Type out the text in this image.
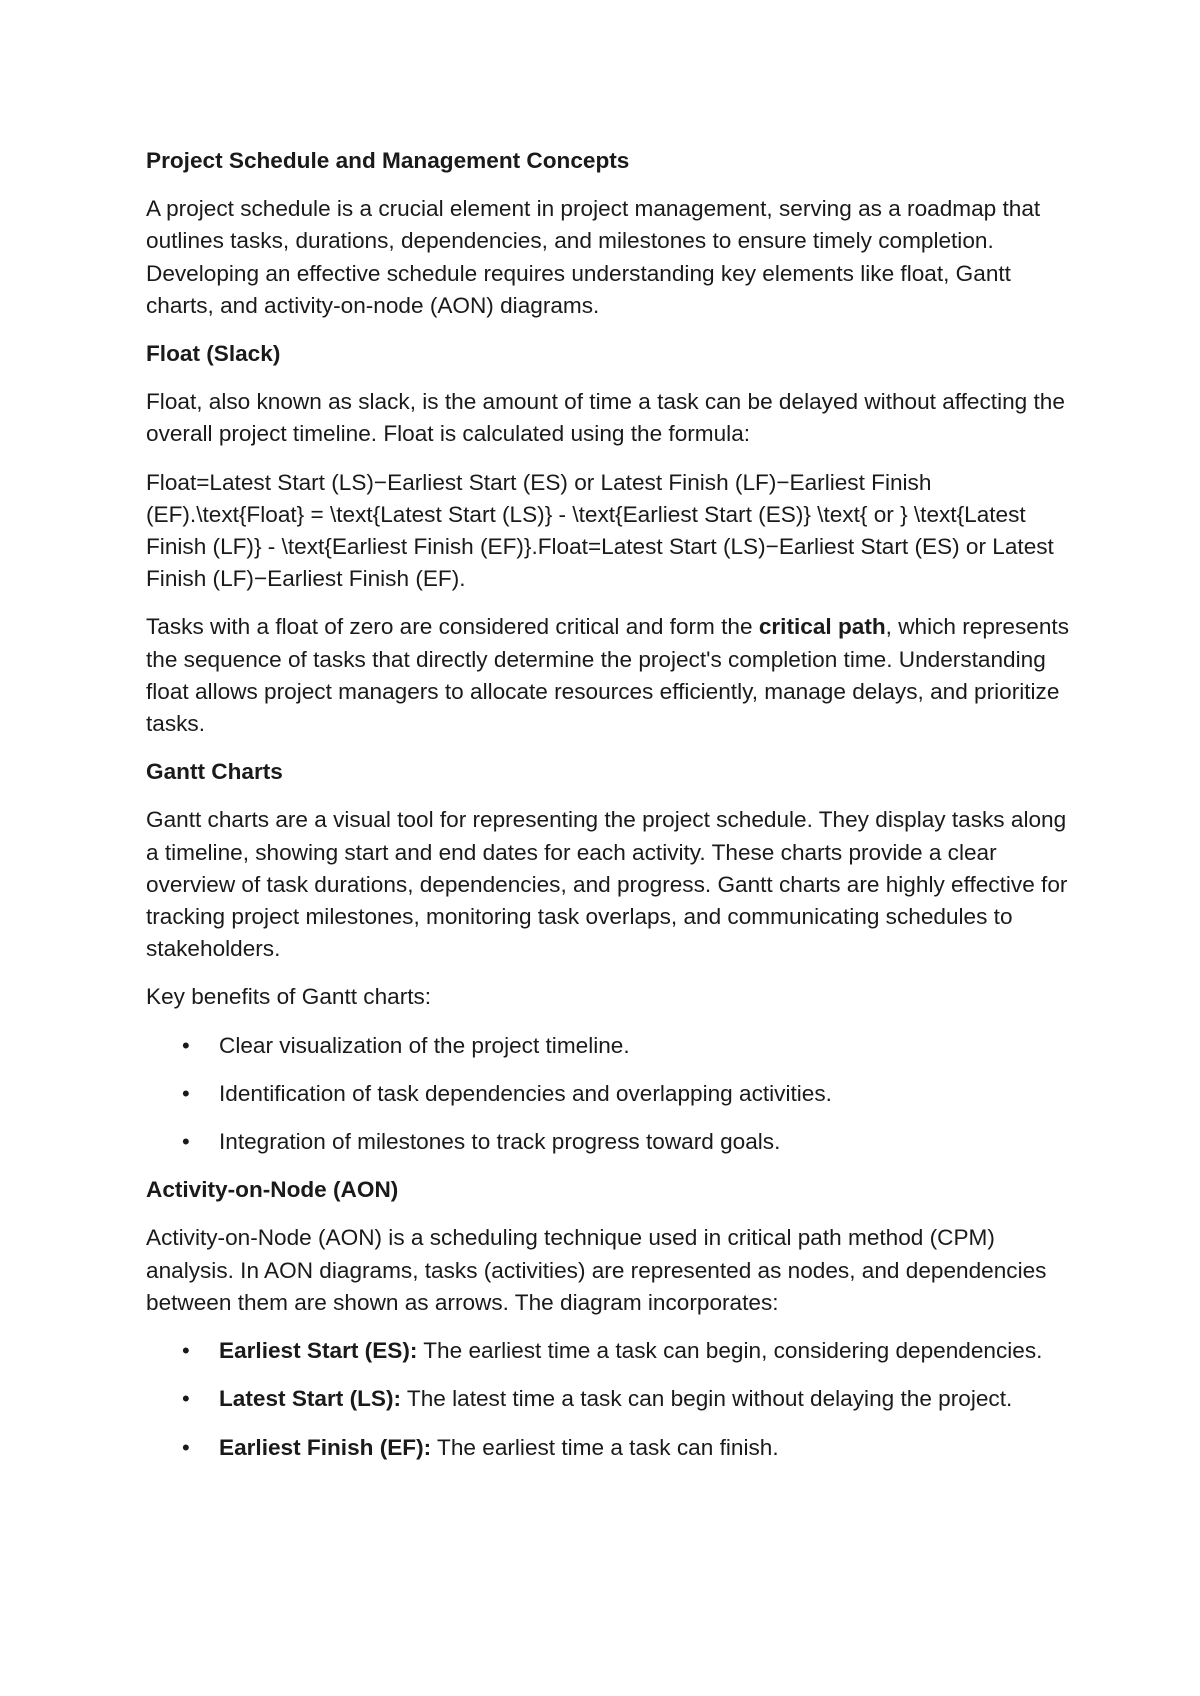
Project Schedule and Management Concepts

A project schedule is a crucial element in project management, serving as a roadmap that outlines tasks, durations, dependencies, and milestones to ensure timely completion. Developing an effective schedule requires understanding key elements like float, Gantt charts, and activity-on-node (AON) diagrams.

Float (Slack)

Float, also known as slack, is the amount of time a task can be delayed without affecting the overall project timeline. Float is calculated using the formula:

Float=Latest Start (LS)−Earliest Start (ES) or Latest Finish (LF)−Earliest Finish (EF).\text{Float} = \text{Latest Start (LS)} - \text{Earliest Start (ES)} \text{ or } \text{Latest Finish (LF)} - \text{Earliest Finish (EF)}.Float=Latest Start (LS)−Earliest Start (ES) or Latest Finish (LF)−Earliest Finish (EF).

Tasks with a float of zero are considered critical and form the critical path, which represents the sequence of tasks that directly determine the project's completion time. Understanding float allows project managers to allocate resources efficiently, manage delays, and prioritize tasks.

Gantt Charts

Gantt charts are a visual tool for representing the project schedule. They display tasks along a timeline, showing start and end dates for each activity. These charts provide a clear overview of task durations, dependencies, and progress. Gantt charts are highly effective for tracking project milestones, monitoring task overlaps, and communicating schedules to stakeholders.

Key benefits of Gantt charts:

• Clear visualization of the project timeline.
• Identification of task dependencies and overlapping activities.
• Integration of milestones to track progress toward goals.
Activity-on-Node (AON)

Activity-on-Node (AON) is a scheduling technique used in critical path method (CPM) analysis. In AON diagrams, tasks (activities) are represented as nodes, and dependencies between them are shown as arrows. The diagram incorporates:

• Earliest Start (ES): The earliest time a task can begin, considering dependencies.
• Latest Start (LS): The latest time a task can begin without delaying the project.
• Earliest Finish (EF): The earliest time a task can finish.
